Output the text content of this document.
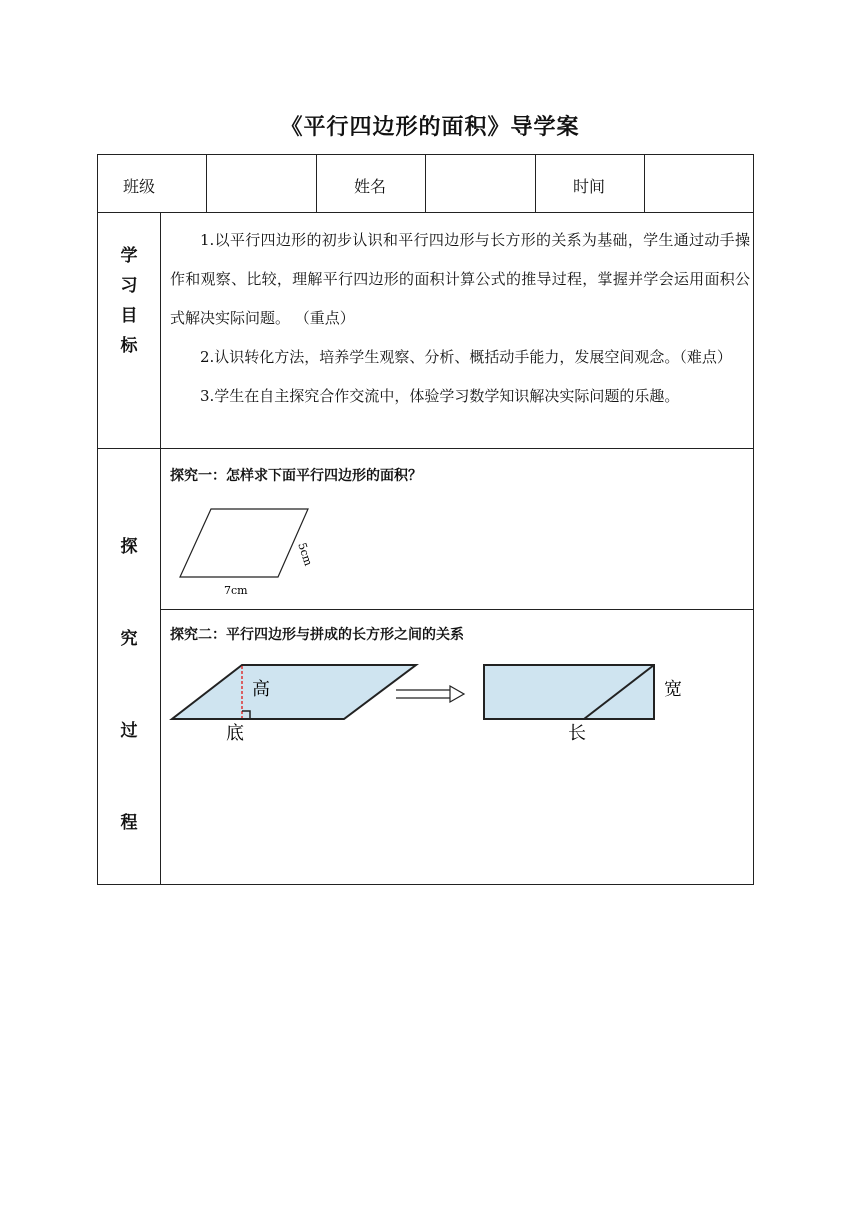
《平行四边形的面积》导学案
班级	姓名	时间
学
习
目
标

1.以平行四边形的初步认识和平行四边形与长方形的关系为基础，学生通过动手操作和观察、比较，理解平行四边形的面积计算公式的推导过程，掌握并学会运用面积公式解决实际问题。 （重点）

2.认识转化方法，培养学生观察、分析、概括动手能力，发展空间观念。（难点）

3.学生在自主探究合作交流中，体验学习数学知识解决实际问题的乐趣。

探
究
过
程
探究一：怎样求下面平行四边形的面积？
7cm
5cm
探究二：平行四边形与拼成的长方形之间的关系
高
底
宽
长
